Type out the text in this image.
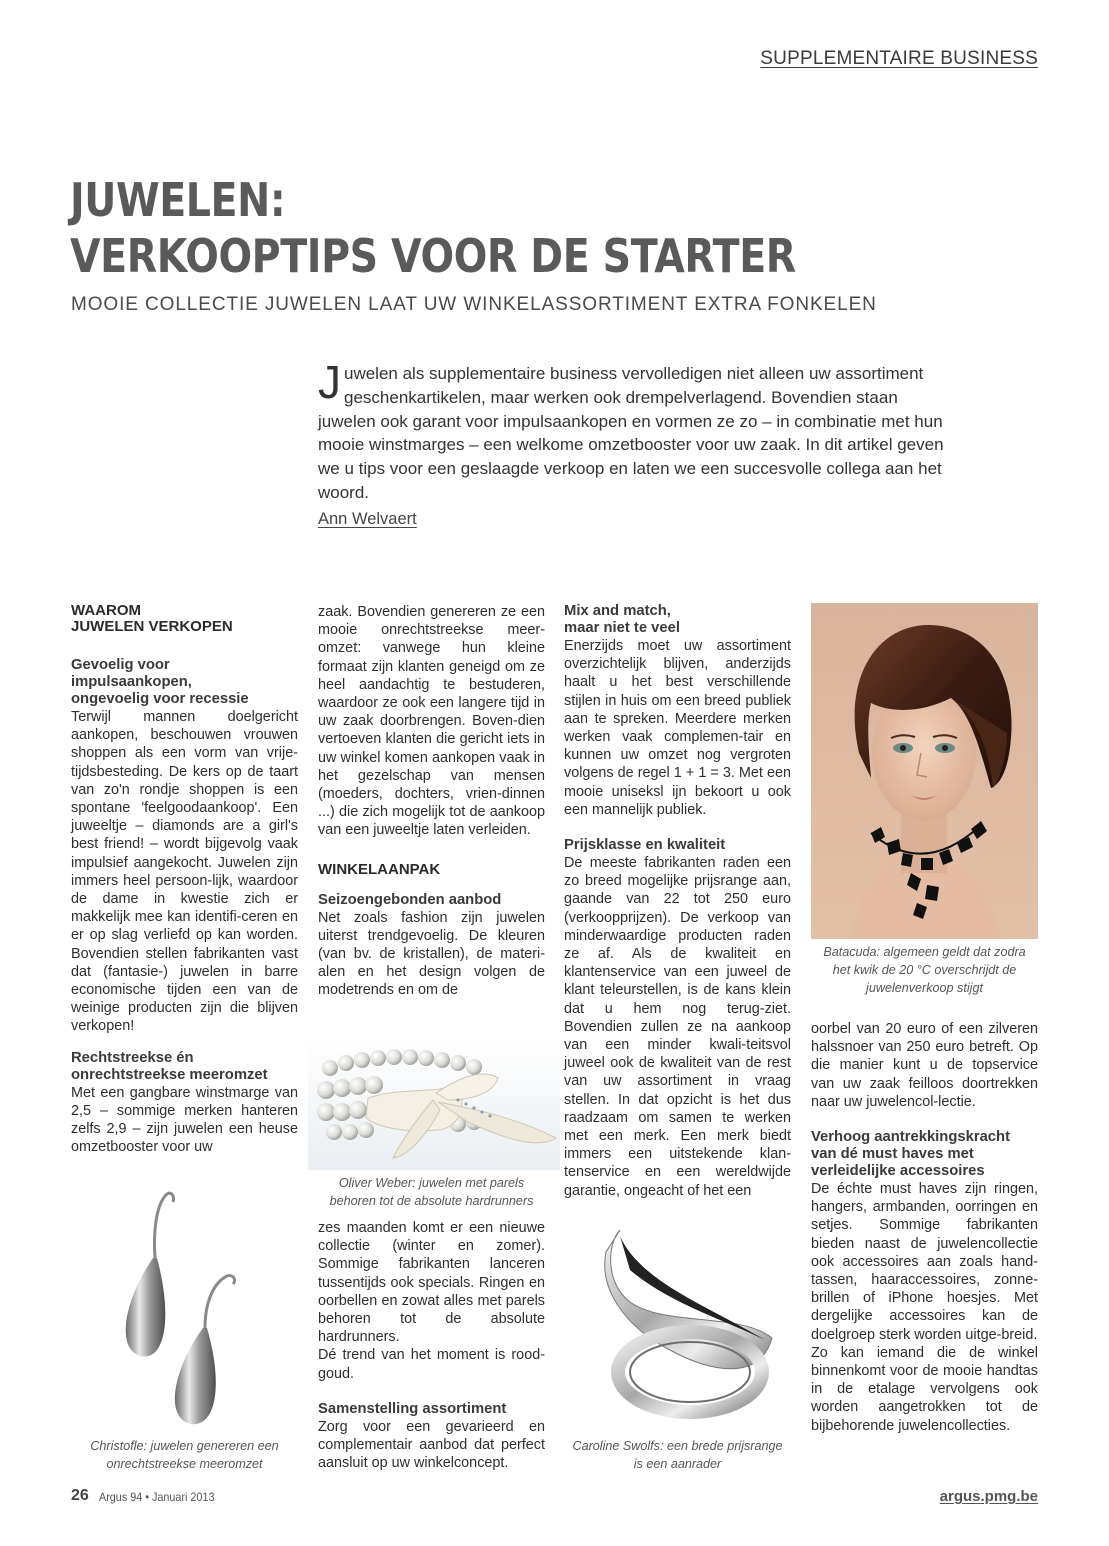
SUPPLEMENTAIRE BUSINESS
JUWELEN:
VERKOOPTIPS VOOR DE STARTER
MOOIE COLLECTIE JUWELEN LAAT UW WINKELASSORTIMENT EXTRA FONKELEN

Juwelen als supplementaire business vervolledigen niet alleen uw assortiment geschenkartikelen, maar werken ook drempelverlagend. Bovendien staan juwelen ook garant voor impulsaankopen en vormen ze zo – in combinatie met hun mooie winstmarges – een welkome omzetbooster voor uw zaak. In dit artikel geven we u tips voor een geslaagde verkoop en laten we een succesvolle collega aan het woord.

Ann Welvaert
WAAROM
JUWELEN VERKOPEN
Gevoelig voor
impulsaankopen,
ongevoelig voor recessie

Terwijl mannen doelgericht aankopen, beschouwen vrouwen shoppen als een vorm van vrije-tijdsbesteding. De kers op de taart van zo'n rondje shoppen is een spontane 'feelgoodaankoop'. Een juweeltje – diamonds are a girl's best friend! – wordt bijgevolg vaak impulsief aangekocht. Juwelen zijn immers heel persoon-lijk, waardoor de dame in kwestie zich er makkelijk mee kan identifi-ceren en er op slag verliefd op kan worden. Bovendien stellen fabrikanten vast dat (fantasie-) juwelen in barre economische tijden een van de weinige producten zijn die blijven verkopen!

Rechtstreekse én
onrechtstreekse meeromzet

Met een gangbare winstmarge van 2,5 – sommige merken hanteren zelfs 2,9 – zijn juwelen een heuse omzetbooster voor uw

Christofle: juwelen genereren een
onrechtstreekse meeromzet

zaak. Bovendien genereren ze een mooie onrechtstreekse meer-omzet: vanwege hun kleine formaat zijn klanten geneigd om ze heel aandachtig te bestuderen, waardoor ze ook een langere tijd in uw zaak doorbrengen. Boven-dien vertoeven klanten die gericht iets in uw winkel komen aankopen vaak in het gezelschap van mensen (moeders, dochters, vrien-dinnen ...) die zich mogelijk tot de aankoop van een juweeltje laten verleiden.

WINKELAANPAK
Seizoengebonden aanbod

Net zoals fashion zijn juwelen uiterst trendgevoelig. De kleuren (van bv. de kristallen), de materi-alen en het design volgen de modetrends en om de

Oliver Weber: juwelen met parels
behoren tot de absolute hardrunners

zes maanden komt er een nieuwe collectie (winter en zomer). Sommige fabrikanten lanceren tussentijds ook specials. Ringen en oorbellen en zowat alles met parels behoren tot de absolute hardrunners.

Dé trend van het moment is rood-goud.

Samenstelling assortiment

Zorg voor een gevarieerd en complementair aanbod dat perfect aansluit op uw winkelconcept.

Mix and match,
maar niet te veel

Enerzijds moet uw assortiment overzichtelijk blijven, anderzijds haalt u het best verschillende stijlen in huis om een breed publiek aan te spreken. Meerdere merken werken vaak complemen-tair en kunnen uw omzet nog vergroten volgens de regel 1 + 1 = 3. Met een mooie uniseksl ijn bekoort u ook een mannelijk publiek.

Prijsklasse en kwaliteit

De meeste fabrikanten raden een zo breed mogelijke prijsrange aan, gaande van 22 tot 250 euro (verkoopprijzen). De verkoop van minderwaardige producten raden ze af. Als de kwaliteit en klantenservice van een juweel de klant teleurstellen, is de kans klein dat u hem nog terug-ziet. Bovendien zullen ze na aankoop van een minder kwali-teitsvol juweel ook de kwaliteit van de rest van uw assortiment in vraag stellen. In dat opzicht is het dus raadzaam om samen te werken met een merk. Een merk biedt immers een uitstekende klan-tenservice en een wereldwijde garantie, ongeacht of het een

Caroline Swolfs: een brede prijsrange
is een aanrader
Batacuda: algemeen geldt dat zodra
het kwik de 20 °C overschrijdt de
juwelenverkoop stijgt

oorbel van 20 euro of een zilveren halssnoer van 250 euro betreft. Op die manier kunt u de topservice van uw zaak feilloos doortrekken naar uw juwelencol-lectie.

Verhoog aantrekkingskracht
van dé must haves met
verleidelijke accessoires

De échte must haves zijn ringen, hangers, armbanden, oorringen en setjes. Sommige fabrikanten bieden naast de juwelencollectie ook accessoires aan zoals hand-tassen, haaraccessoires, zonne-brillen of iPhone hoesjes. Met dergelijke accessoires kan de doelgroep sterk worden uitge-breid.

Zo kan iemand die de winkel binnenkomt voor de mooie handtas in de etalage vervolgens ook worden aangetrokken tot de bijbehorende juwelencollecties.

26 Argus 94 • Januari 2013	argus.pmg.be
